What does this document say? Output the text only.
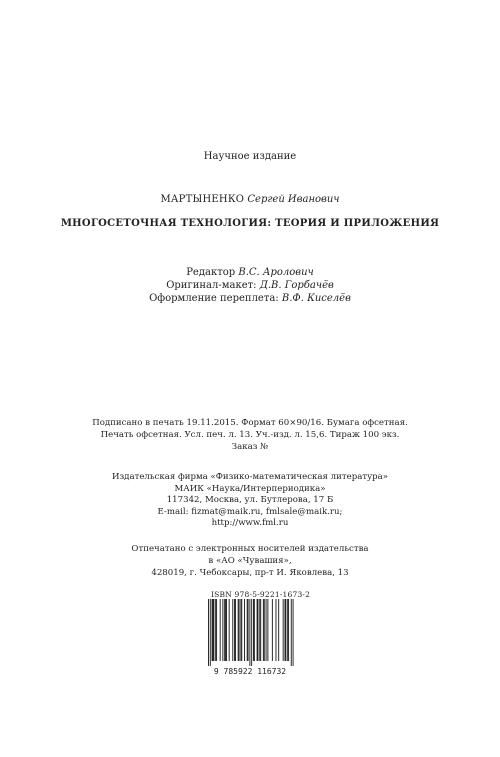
Научное издание
МАРТЫНЕНКО Сергей Иванович
МНОГОСЕТОЧНАЯ ТЕХНОЛОГИЯ: ТЕОРИЯ И ПРИЛОЖЕНИЯ
Редактор В.С. Аролович
Оригинал-макет: Д.В. Горбачёв
Оформление переплета: В.Ф. Киселёв
Подписано в печать 19.11.2015. Формат 60×90/16. Бумага офсетная.
Печать офсетная. Усл. печ. л. 13. Уч.-изд. л. 15,6. Тираж 100 экз.
Заказ №
Издательская фирма «Физико-математическая литература»
МАИК «Наука/Интерпериодика»
117342, Москва, ул. Бутлерова, 17 Б
E-mail: fizmat@maik.ru, fmlsale@maik.ru;
http://www.fml.ru
Отпечатано с электронных носителей издательства
в «АО «Чувашия»,
428019, г. Чебоксары, пр-т И. Яковлева, 13
ISBN 978-5-9221-1673-2
9 785922 116732
